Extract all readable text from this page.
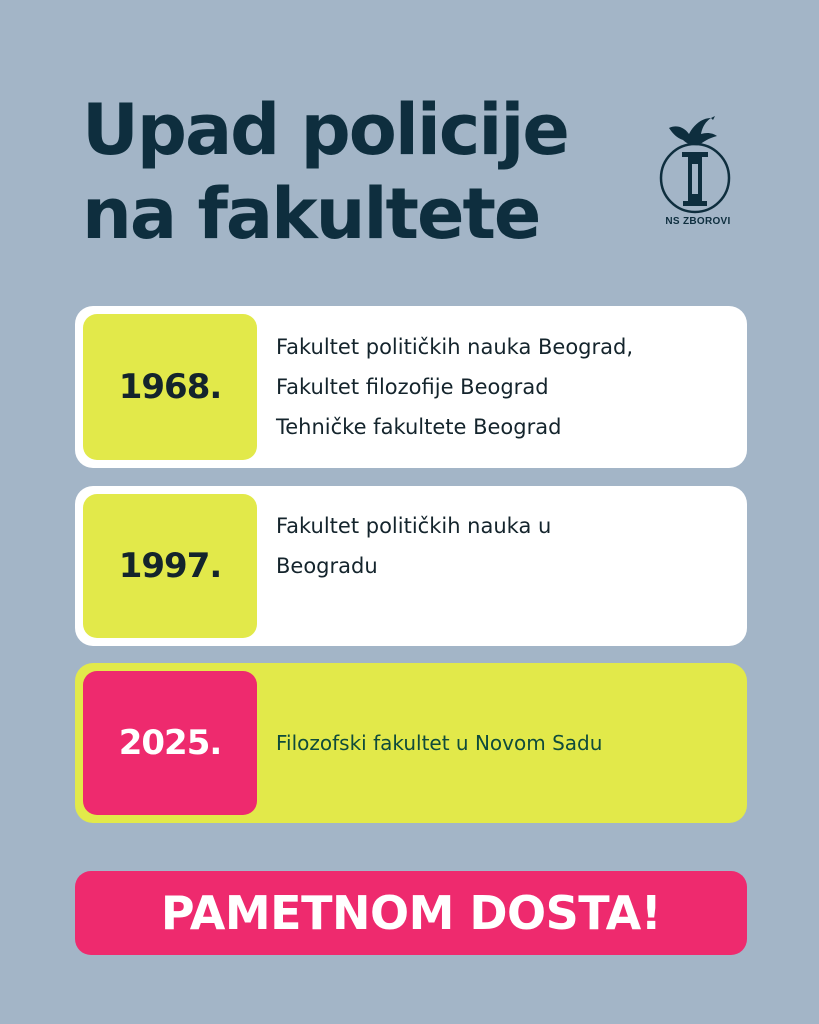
Upad policije
na fakultete	NS ZBOROVI
1968.
Fakultet političkih nauka Beograd,
Fakultet filozofije Beograd
Tehničke fakultete Beograd
1997.
Fakultet političkih nauka u
Beogradu
2025.	Filozofski fakultet u Novom Sadu
PAMETNOM DOSTA!
